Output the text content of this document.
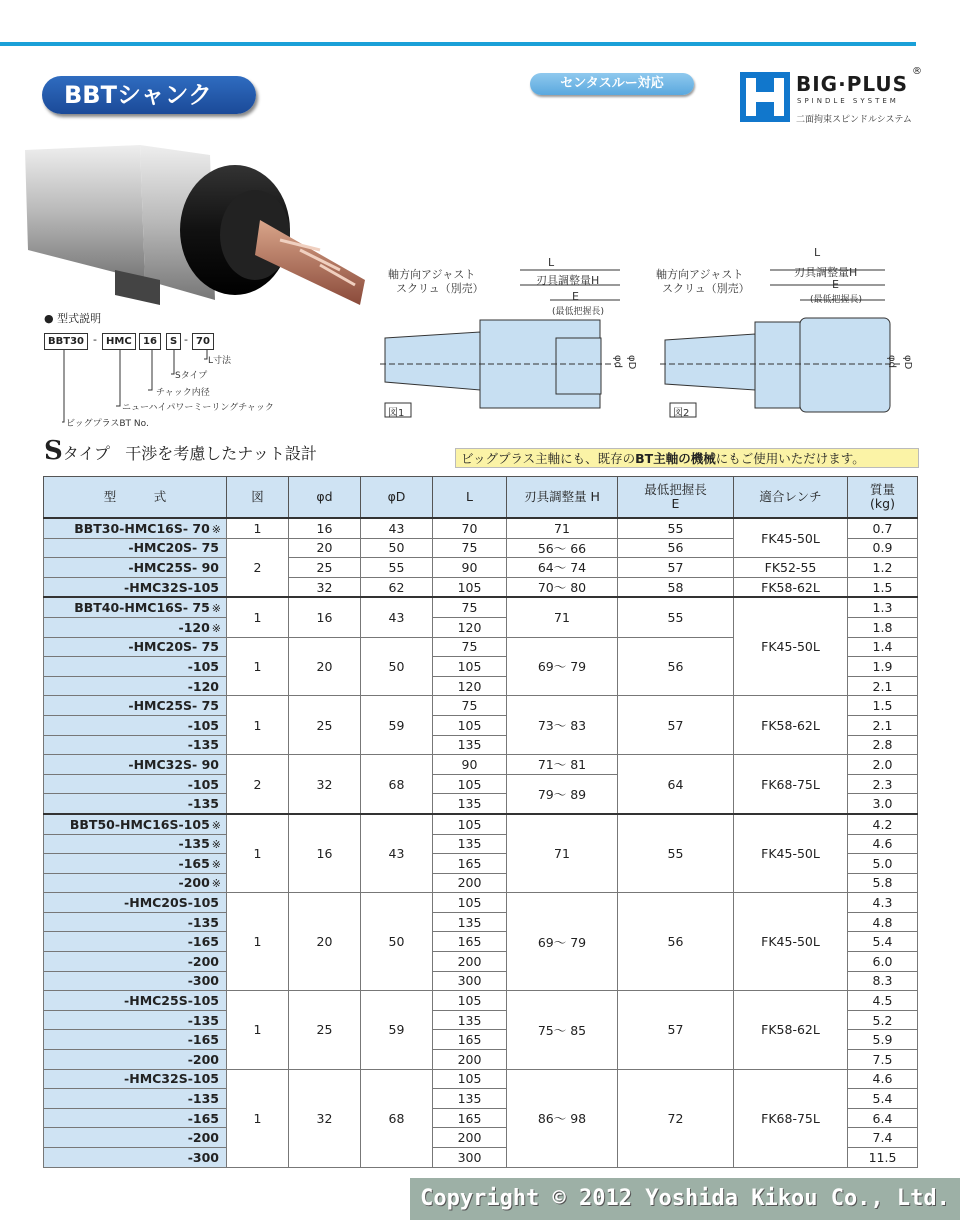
BBTシャンク	センタスルー対応	BIG·PLUS
®
SPINDLE SYSTEM
二面拘束スピンドルシステム
● 型式説明
BBT30 - HMC	16	S - 70
L寸法
Sタイプ
チャック内径
ニューハイパワーミーリングチャック
ビッグプラスBT No.
軸方向アジャスト
スクリュ（別売）
L
刃具調整量H
E
(最低把握長)
φd φD
図1
軸方向アジャスト
スクリュ（別売）
L
刃具調整量H
E
(最低把握長)
φd φD
図2
Sタイプ 干渉を考慮したナット設計	ビッグプラス主軸にも、既存のBT主軸の機械にもご使用いただけます。
型　　　式	図	φd	φD	L	刃具調整量 H	最低把握長
E	適合レンチ	質量
(kg)
BBT30-HMC16S- 70 ※	1	16	43	70	71	55	FK45-50L	0.7
-HMC20S- 75	2	20	50	75	56～ 66	56		0.9
-HMC25S- 90		25	55	90	64～ 74	57	FK52-55	1.2
-HMC32S-105		32	62	105	70～ 80	58	FK58-62L	1.5
BBT40-HMC16S- 75 ※	1	16	43	75	71	55	FK45-50L	1.3
-120 ※				120				1.8
-HMC20S- 75	1	20	50	75	69～ 79	56		1.4
-105				105				1.9
-120				120				2.1
-HMC25S- 75	1	25	59	75	73～ 83	57	FK58-62L	1.5
-105				105				2.1
-135				135				2.8
-HMC32S- 90	2	32	68	90	71～ 81	64	FK68-75L	2.0
-105				105	79～ 89			2.3
-135				135				3.0
BBT50-HMC16S-105 ※	1	16	43	105	71	55	FK45-50L	4.2
-135 ※				135				4.6
-165 ※				165				5.0
-200 ※				200				5.8
-HMC20S-105	1	20	50	105	69～ 79	56	FK45-50L	4.3
-135				135				4.8
-165				165				5.4
-200				200				6.0
-300				300				8.3
-HMC25S-105	1	25	59	105	75～ 85	57	FK58-62L	4.5
-135				135				5.2
-165				165				5.9
-200				200				7.5
-HMC32S-105	1	32	68	105	86～ 98	72	FK68-75L	4.6
-135				135				5.4
-165				165				6.4
-200				200				7.4
-300				300				11.5
Copyright © 2012 Yoshida Kikou Co., Ltd.
